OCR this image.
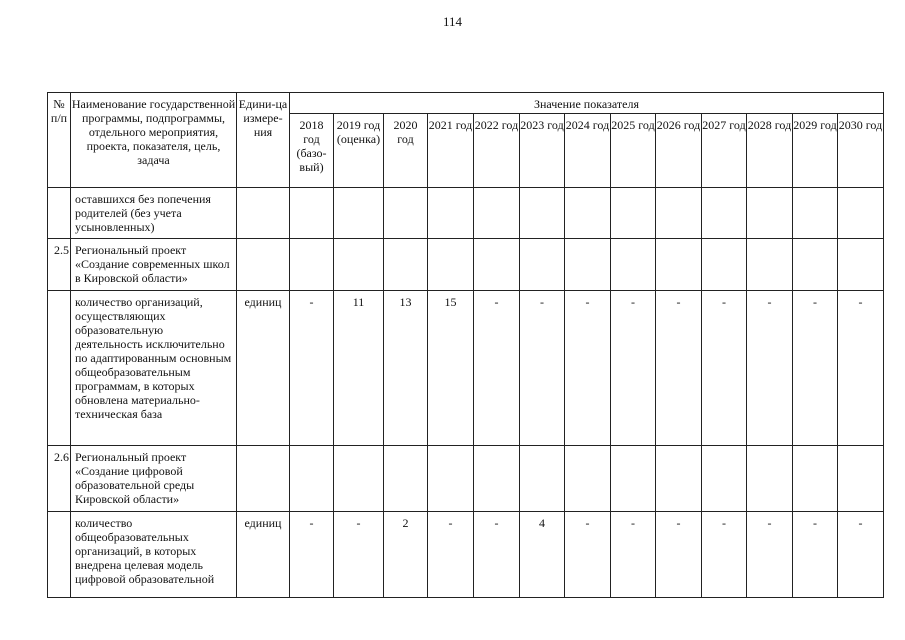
114
№ п/п	Наименование государственной программы, подпрограммы, отдельного мероприятия, проекта, показателя, цель, задача	Едини-ца измере-ния	Значение показателя												
			2018 год (базо-вый)	2019 год (оценка)	2020 год	2021 год	2022 год	2023 год	2024 год	2025 год	2026 год	2027 год	2028 год	2029 год	2030 год
	оставшихся без попечения родителей (без учета усыновленных)														
2.5	Региональный проект «Создание современных школ в Кировской области»														
	количество организаций, осуществляющих образовательную деятельность исключительно по адаптированным основным общеобразовательным программам, в которых обновлена материально-техническая база	единиц	-	11	13	15	-	-	-	-	-	-	-	-	-
2.6	Региональный проект «Создание цифровой образовательной среды Кировской области»														
	количество общеобразовательных организаций, в которых внедрена целевая модель цифровой образовательной	единиц	-	-	2	-	-	4	-	-	-	-	-	-	-
